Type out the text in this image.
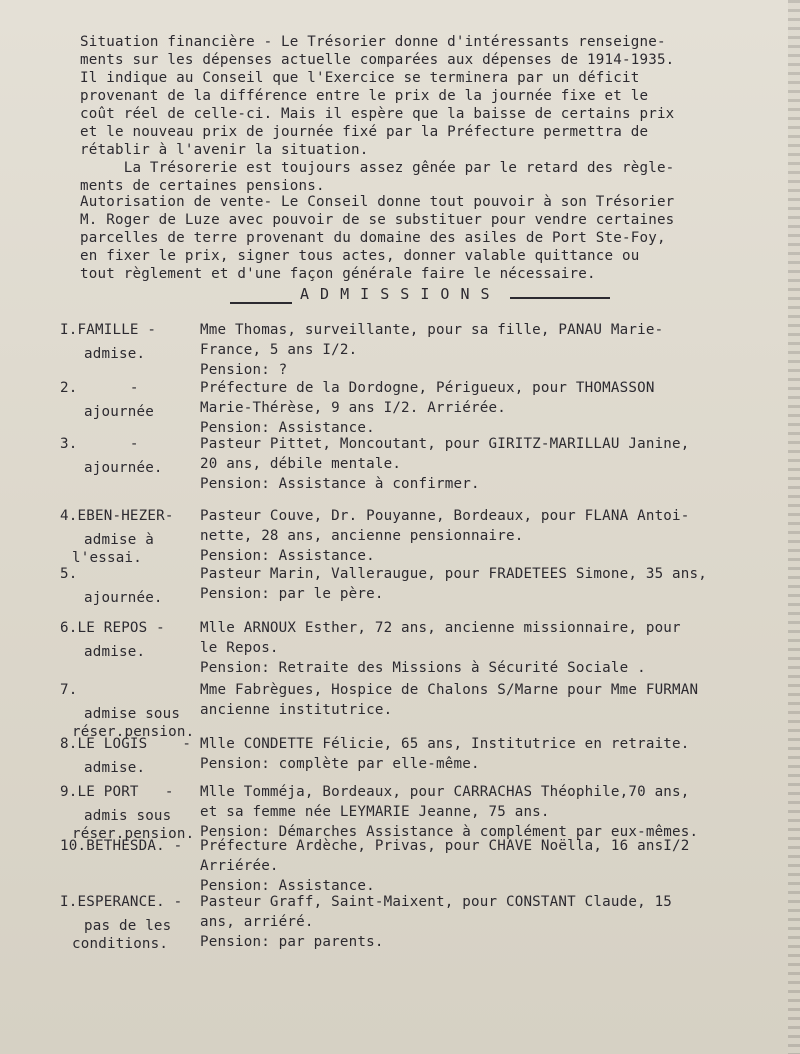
Situation financière - Le Trésorier donne d'intéressants renseigne-
ments sur les dépenses actuelle comparées aux dépenses de 1914-1935.
Il indique au Conseil que l'Exercice se terminera par un déficit
provenant de la différence entre le prix de la journée fixe et le
coût réel de celle-ci. Mais il espère que la baisse de certains prix
et le nouveau prix de journée fixé par la Préfecture permettra de
rétablir à l'avenir la situation.
La Trésorerie est toujours assez gênée par le retard des règle-
ments de certaines pensions.
Autorisation de vente- Le Conseil donne tout pouvoir à son Trésorier
M. Roger de Luze avec pouvoir de se substituer pour vendre certaines
parcelles de terre provenant du domaine des asiles de Port Ste-Foy,
en fixer le prix, signer tous actes, donner valable quittance ou
tout règlement et d'une façon générale faire le nécessaire.
A D M I S S I O N S
I.FAMILLE -
admise.
Mme Thomas, surveillante, pour sa fille, PANAU Marie-
France, 5 ans I/2.
Pension: ?
2.      -
ajournée
Préfecture de la Dordogne, Périgueux, pour THOMASSON
Marie-Thérèse, 9 ans I/2. Arriérée.
Pension: Assistance.
3.      -
ajournée.
Pasteur Pittet, Moncoutant, pour GIRITZ-MARILLAU Janine,
20 ans, débile mentale.
Pension: Assistance à confirmer.
4.EBEN-HEZER-
admise à
l'essai.
Pasteur Couve, Dr. Pouyanne, Bordeaux, pour FLANA Antoi-
nette, 28 ans, ancienne pensionnaire.
Pension: Assistance.
5.
ajournée.
Pasteur Marin, Valleraugue, pour FRADETEES Simone, 35 ans,
Pension: par le père.
6.LE REPOS -
admise.
Mlle ARNOUX Esther, 72 ans, ancienne missionnaire, pour
le Repos.
Pension: Retraite des Missions à Sécurité Sociale .
7.
admise sous
réser.pension.
Mme Fabrègues, Hospice de Chalons S/Marne pour Mme FURMAN
ancienne institutrice.
8.LE LOGIS    -
admise.
Mlle CONDETTE Félicie, 65 ans, Institutrice en retraite.
Pension: complète par elle-même.
9.LE PORT   -
admis sous
réser.pension.
Mlle Tomméja, Bordeaux, pour CARRACHAS Théophile,70 ans,
et sa femme née LEYMARIE Jeanne, 75 ans.
Pension: Démarches Assistance à complément par eux-mêmes.
10.BETHESDA. - Préfecture Ardèche, Privas, pour CHAVE Noëlla, 16 ansI/2
Arriérée.
Pension: Assistance.
I.ESPERANCE. -
pas de les
conditions.
Pasteur Graff, Saint-Maixent, pour CONSTANT Claude, 15
ans, arriéré.
Pension: par parents.
